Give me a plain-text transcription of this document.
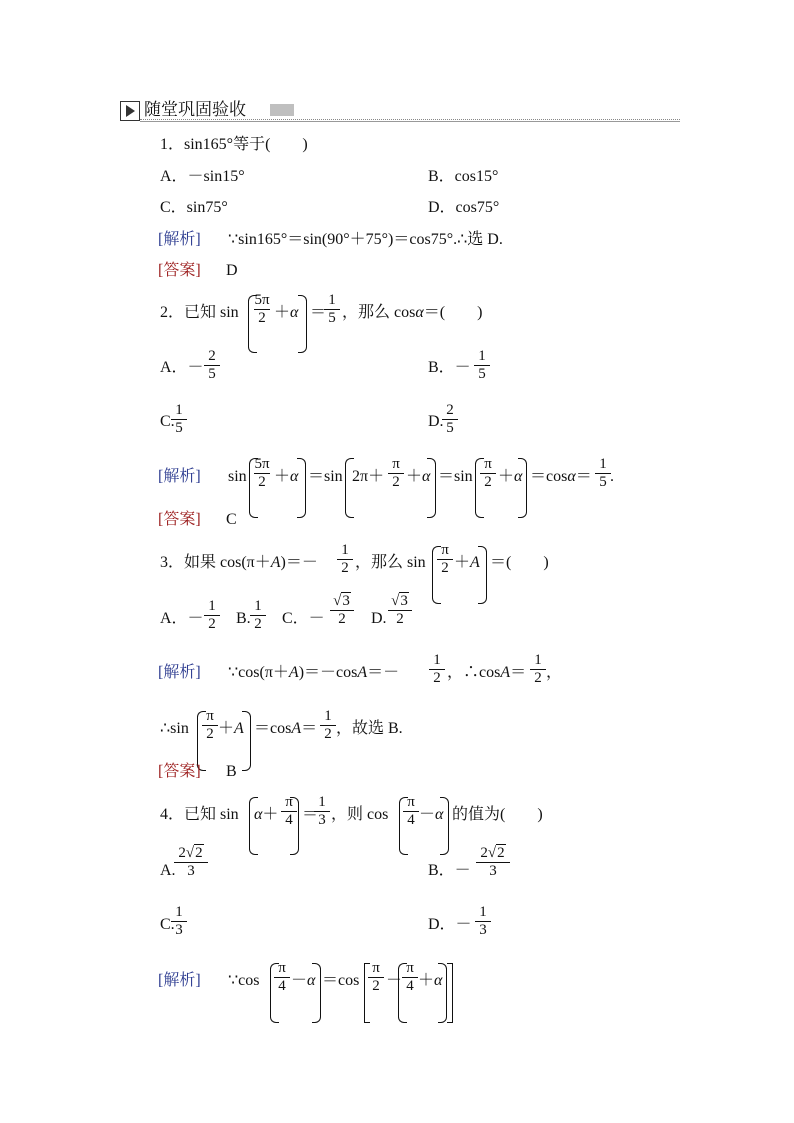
随堂巩固验收
1．sin165°等于(　　)
A．－sin15°	B．cos15°
C．sin75°	D．cos75°
[解析] ∵sin165°＝sin(90°＋75°)＝cos75°.∴选 D.
[答案] D
2．已知 sin
5π
2 ＋α ＝
1
5 ，那么 cosα＝(　　)
A．－
2
5	B．－
1
5
C.
1
5	D.
2
5
[解析] sin
5π
2 ＋α ＝sin 2π＋
π
2 ＋α ＝sin
π
2 ＋α ＝cosα＝
1
5 .
[答案] C
3．如果 cos(π＋A)＝－
1
2 ，那么 sin
π
2 ＋A ＝(　　)
A．－
1
2 B.
1
2 C．－
√3
2	D.
√3
2
[解析] ∵cos(π＋A)＝－cosA＝－
1
2 ，∴cosA＝
1
2 ，
∴sin
π
2 ＋A ＝cosA＝
1
2 ，故选 B.
[答案] B
4．已知 sin α＋
π
4 ＝
1
3 ，则 cos
π
4 －α 的值为(　　)
A.
2√2
3	B．－
2√2
3
C.
1
3	D．－
1
3
[解析] ∵cos
π
4 －α ＝cos
π
2 －
π
4 ＋α
